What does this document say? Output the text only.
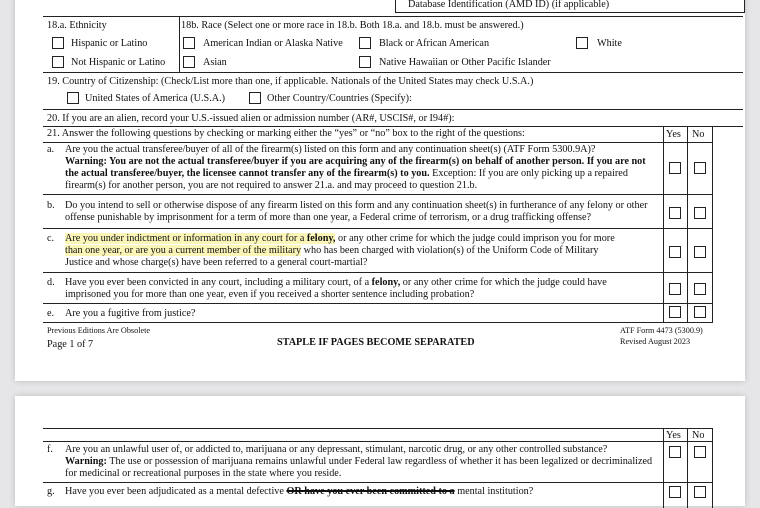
Database Identification (AMD ID) (if applicable)
18.a. Ethnicity	18b. Race (Select one or more race in 18.b. Both 18.a. and 18.b. must be answered.)
Hispanic or Latino	American Indian or Alaska Native	Black or African American	White
Not Hispanic or Latino	Asian	Native Hawaiian or Other Pacific Islander
19. Country of Citizenship: (Check/List more than one, if applicable. Nationals of the United States may check U.S.A.)
United States of America (U.S.A.)	Other Country/Countries (Specify):
20. If you are an alien, record your U.S.-issued alien or admission number (AR#, USCIS#, or I94#):
21. Answer the following questions by checking or marking either the “yes” or “no” box to the right of the questions:	Yes No
a. Are you the actual transferee/buyer of all of the firearm(s) listed on this form and any continuation sheet(s) (ATF Form 5300.9A)?
Warning: You are not the actual transferee/buyer if you are acquiring any of the firearm(s) on behalf of another person. If you are not the actual transferee/buyer, the licensee cannot transfer any of the firearm(s) to you. Exception: If you are only picking up a repaired firearm(s) for another person, you are not required to answer 21.a. and may proceed to question 21.b.
b. Do you intend to sell or otherwise dispose of any firearm listed on this form and any continuation sheet(s) in furtherance of any felony or other offense punishable by imprisonment for a term of more than one year, a Federal crime of terrorism, or a drug trafficking offense?
c. Are you under indictment or information in any court for a felony, or any other crime for which the judge could imprison you for more
than one year, or are you a current member of the military who has been charged with violation(s) of the Uniform Code of Military
Justice and whose charge(s) have been referred to a general court-martial?
d. Have you ever been convicted in any court, including a military court, of a felony, or any other crime for which the judge could have imprisoned you for more than one year, even if you received a shorter sentence including probation?
e. Are you a fugitive from justice?
Previous Editions Are Obsolete
Page 1 of 7	STAPLE IF PAGES BECOME SEPARATED
ATF Form 4473 (5300.9)
Revised August 2023
Yes No
f. Are you an unlawful user of, or addicted to, marijuana or any depressant, stimulant, narcotic drug, or any other controlled substance?
Warning: The use or possession of marijuana remains unlawful under Federal law regardless of whether it has been legalized or decriminalized for medicinal or recreational purposes in the state where you reside.
g. Have you ever been adjudicated as a mental defective OR have you ever been committed to a mental institution?
